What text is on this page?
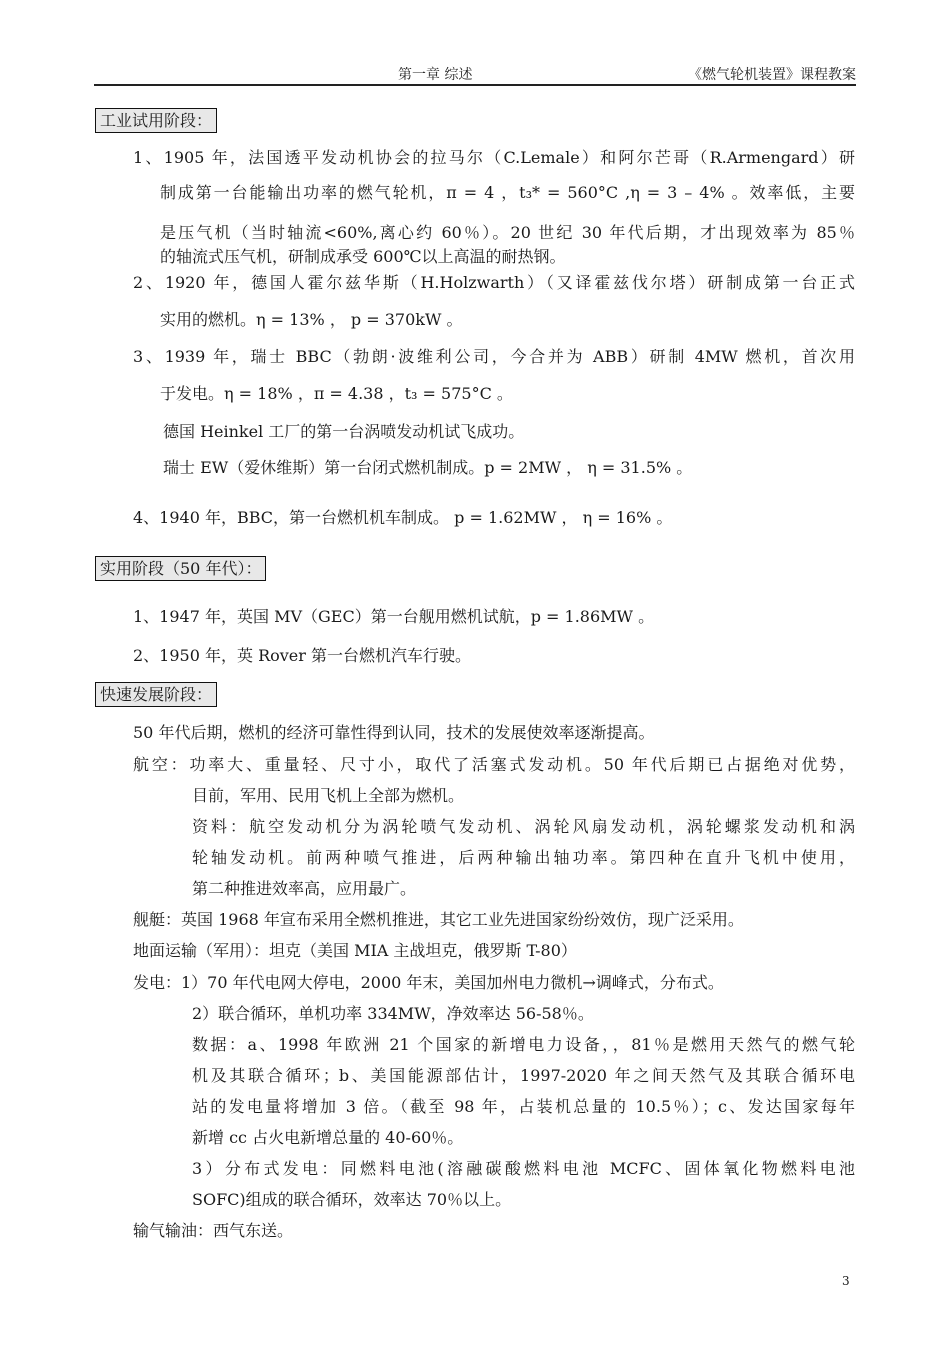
第一章 综述	《燃气轮机装置》课程教案
工业试用阶段：
1、1905 年，法国透平发动机协会的拉马尔（C.Lemale）和阿尔芒哥（R.Armengard）研
制成第一台能输出功率的燃气轮机，π = 4 ，t₃* = 560°C ,η = 3 – 4% 。效率低，主要
是压气机（当时轴流<60%,离心约 60％）。20 世纪 30 年代后期，才出现效率为 85％
的轴流式压气机，研制成承受 600℃以上高温的耐热钢。
2、1920 年，德国人霍尔兹华斯（H.Holzwarth）（又译霍兹伐尔塔）研制成第一台正式
实用的燃机。η = 13% ， p = 370kW 。
3、1939 年，瑞士 BBC（勃朗·波维利公司，今合并为 ABB）研制 4MW 燃机，首次用
于发电。η = 18% ，π = 4.38 ，t₃ = 575°C 。
德国 Heinkel 工厂的第一台涡喷发动机试飞成功。
瑞士 EW（爱休维斯）第一台闭式燃机制成。p = 2MW ， η = 31.5% 。
4、1940 年，BBC，第一台燃机机车制成。 p = 1.62MW ， η = 16% 。
实用阶段（50 年代）：
1、1947 年，英国 MV（GEC）第一台舰用燃机试航，p = 1.86MW 。
2、1950 年，英 Rover 第一台燃机汽车行驶。
快速发展阶段：
50 年代后期，燃机的经济可靠性得到认同，技术的发展使效率逐渐提高。
航空：功率大、重量轻、尺寸小，取代了活塞式发动机。50 年代后期已占据绝对优势，
目前，军用、民用飞机上全部为燃机。
资料：航空发动机分为涡轮喷气发动机、涡轮风扇发动机，涡轮螺浆发动机和涡
轮轴发动机。前两种喷气推进，后两种输出轴功率。第四种在直升飞机中使用，
第二种推进效率高，应用最广。
舰艇：英国 1968 年宣布采用全燃机推进，其它工业先进国家纷纷效仿，现广泛采用。
地面运输（军用）：坦克（美国 MIA 主战坦克，俄罗斯 T-80）
发电：1）70 年代电网大停电，2000 年末，美国加州电力微机→调峰式，分布式。
2）联合循环，单机功率 334MW，净效率达 56-58％。
数据：a、1998 年欧洲 21 个国家的新增电力设备，，81％是燃用天然气的燃气轮
机及其联合循环；b、美国能源部估计，1997-2020 年之间天然气及其联合循环电
站的发电量将增加 3 倍。（截至 98 年，占装机总量的 10.5％）；c、发达国家每年
新增 cc 占火电新增总量的 40-60％。
3）分布式发电：同燃料电池(溶融碳酸燃料电池 MCFC、固体氧化物燃料电池
SOFC)组成的联合循环，效率达 70％以上。
输气输油：西气东送。
3
